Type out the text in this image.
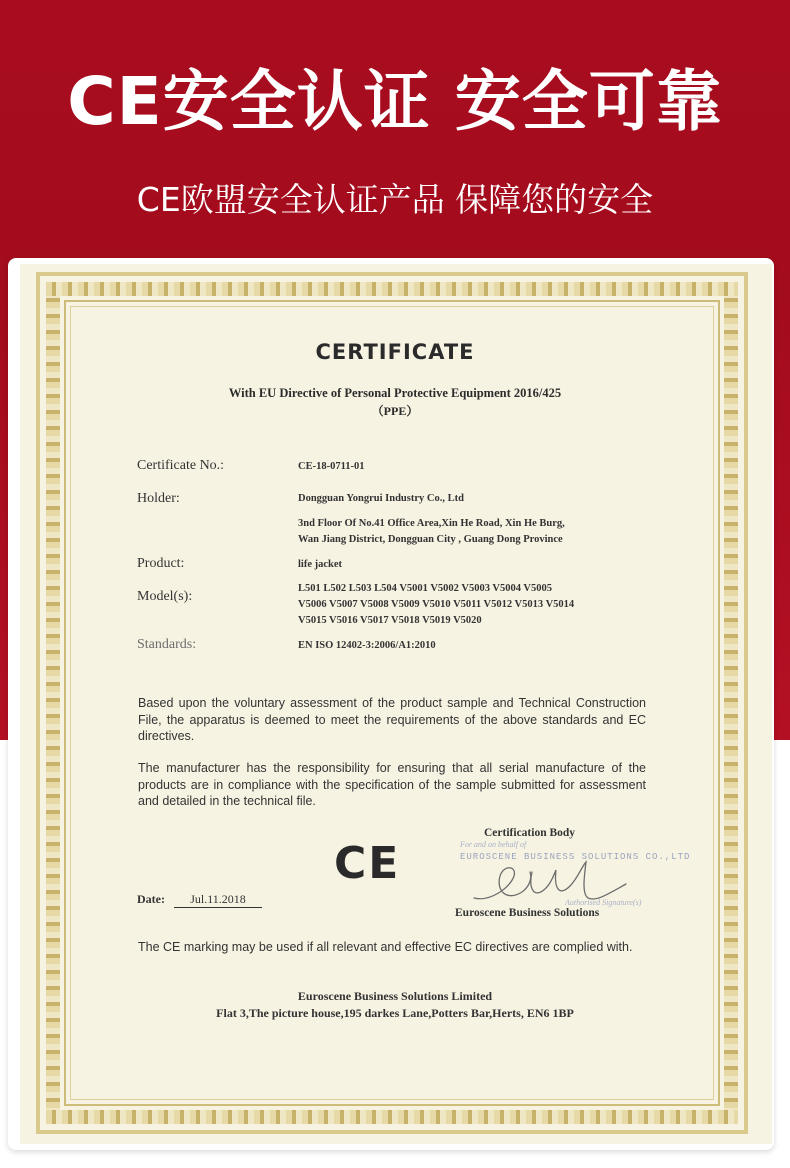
CE安全认证 安全可靠
CE欧盟安全认证产品 保障您的安全
CERTIFICATE
With EU Directive of Personal Protective Equipment 2016/425
（PPE）
Certificate No.:	CE-18-0711-01
Holder:	Dongguan Yongrui Industry Co., Ltd
3nd Floor Of No.41 Office Area,Xin He Road, Xin He Burg,
Wan Jiang District, Dongguan City , Guang Dong Province
Product:	life jacket
Model(s):
L501 L502 L503 L504 V5001 V5002 V5003 V5004 V5005
V5006 V5007 V5008 V5009 V5010 V5011 V5012 V5013 V5014
V5015 V5016 V5017 V5018 V5019 V5020
Standards:	EN ISO 12402-3:2006/A1:2010
Based upon the voluntary assessment of the product sample and Technical Construction File, the apparatus is deemed to meet the requirements of the above standards and EC directives.
The manufacturer has the responsibility for ensuring that all serial manufacture of the products are in compliance with the specification of the sample submitted for assessment and detailed in the technical file.
Certification Body
For and on behalf of
EUROSCENE BUSINESS SOLUTIONS CO.,LTD
Authorised Signature(s)
Euroscene Business Solutions
CE
Date:	Jul.11.2018
The CE marking may be used if all relevant and effective EC directives are complied with.
Euroscene Business Solutions Limited
Flat 3,The picture house,195 darkes Lane,Potters Bar,Herts, EN6 1BP
